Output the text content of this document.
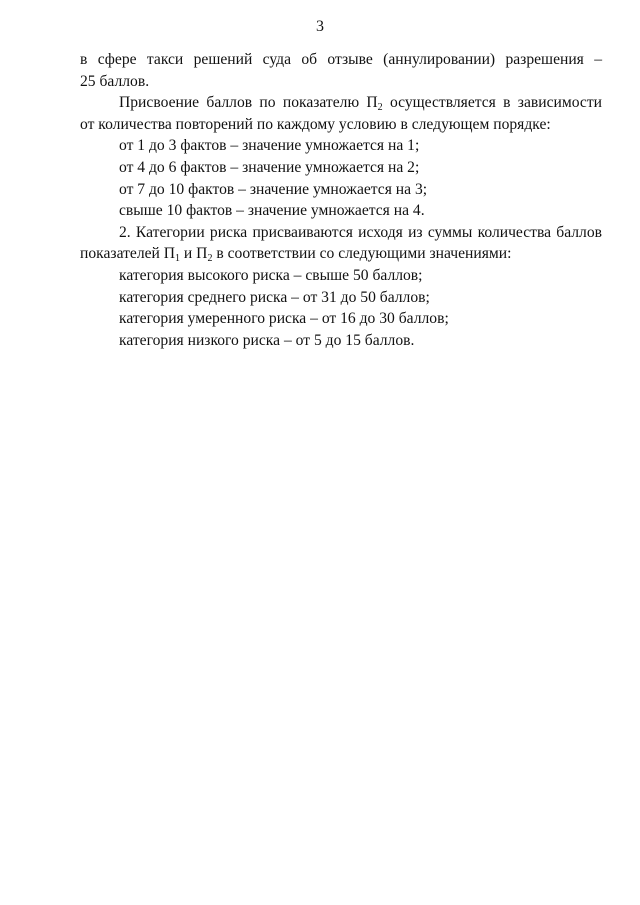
3
в сфере такси решений суда об отзыве (аннулировании) разрешения –
25 баллов.
Присвоение баллов по показателю $П_2$ осуществляется в зависимости
от количества повторений по каждому условию в следующем порядке:
от 1 до 3 фактов – значение умножается на 1;
от 4 до 6 фактов – значение умножается на 2;
от 7 до 10 фактов – значение умножается на 3;
свыше 10 фактов – значение умножается на 4.
2. Категории риска присваиваются исходя из суммы количества баллов
показателей $П_1$ и $П_2$ в соответствии со следующими значениями:
категория высокого риска – свыше 50 баллов;
категория среднего риска – от 31 до 50 баллов;
категория умеренного риска – от 16 до 30 баллов;
категория низкого риска – от 5 до 15 баллов.
